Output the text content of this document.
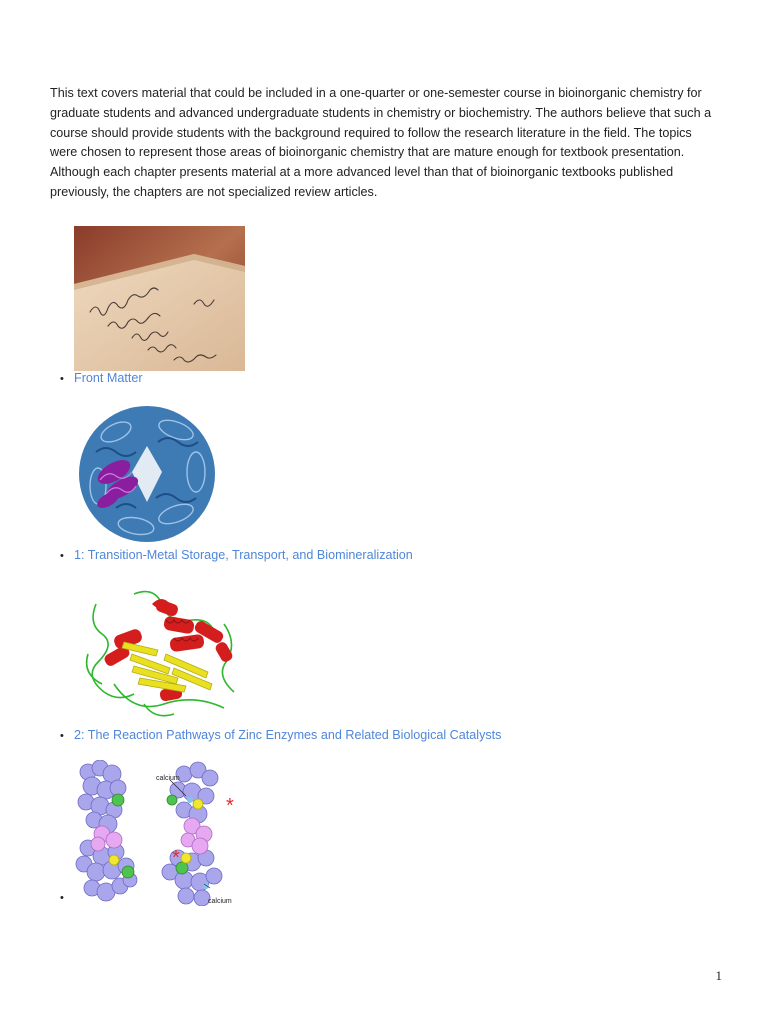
This text covers material that could be included in a one-quarter or one-semester course in bioinorganic chemistry for graduate students and advanced undergraduate students in chemistry or biochemistry. The authors believe that such a course should provide students with the background required to follow the research literature in the field. The topics were chosen to represent those areas of bioinorganic chemistry that are mature enough for textbook presentation. Although each chapter presents material at a more advanced level than that of bioinorganic textbooks published previously, the chapters are not specialized review articles.

• Front Matter
• 1: Transition-Metal Storage, Transport, and Biomineralization
• 2: The Reaction Pathways of Zinc Enzymes and Related Biological Catalysts
calcium
calcium
*
*
•
1
